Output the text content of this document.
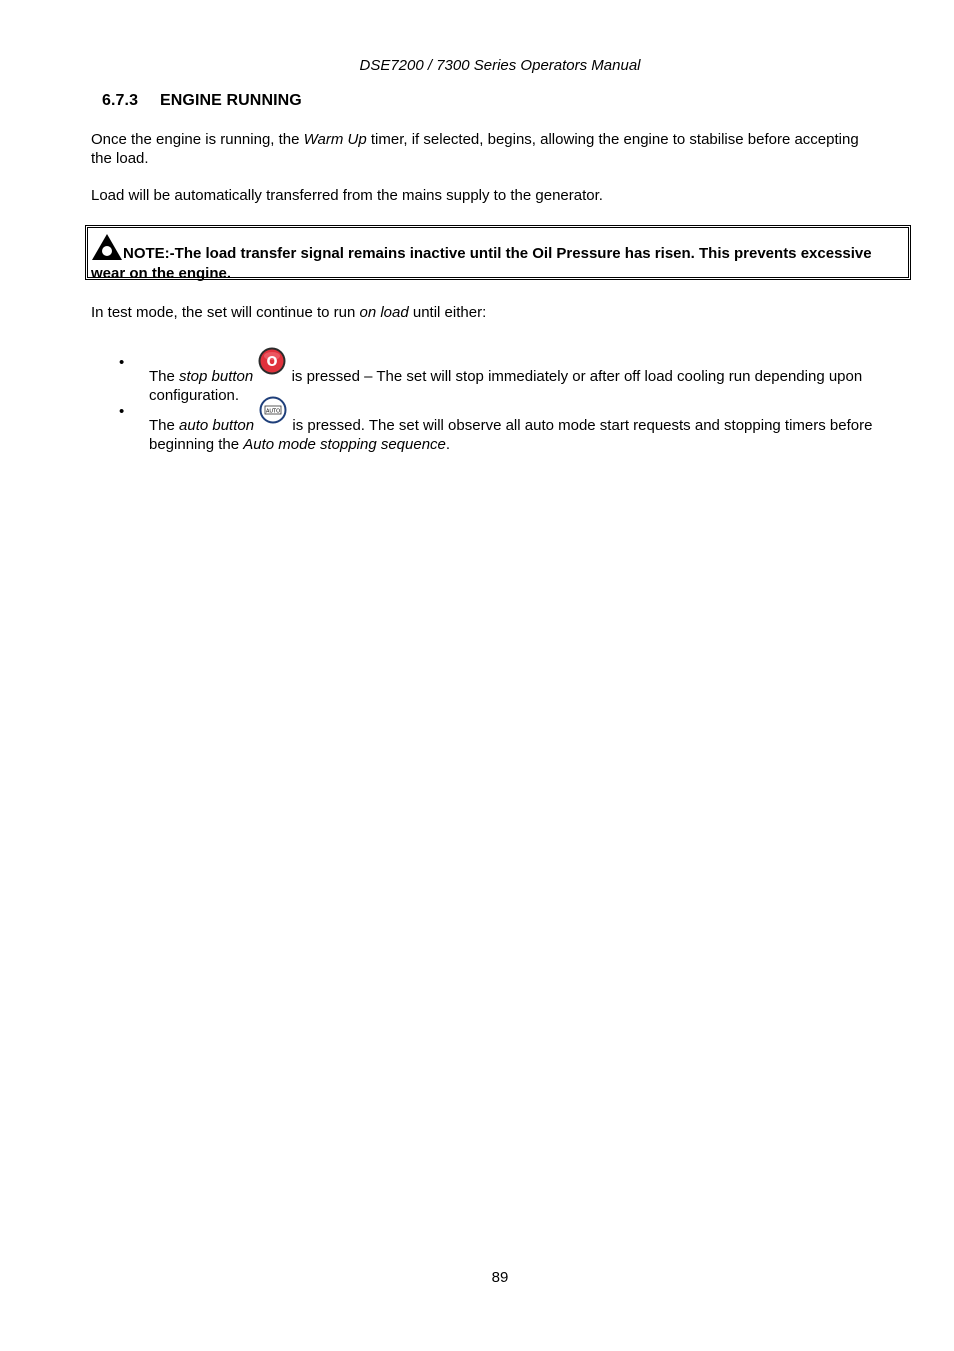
DSE7200 / 7300 Series Operators Manual
6.7.3 ENGINE RUNNING
Once the engine is running, the Warm Up timer, if selected, begins, allowing the engine to stabilise before accepting the load.
Load will be automatically transferred from the mains supply to the generator.
NOTE:-The load transfer signal remains inactive until the Oil Pressure has risen. This prevents excessive wear on the engine.
In test mode, the set will continue to run on load until either:
•
The stop button
O
is pressed – The set will stop immediately or after off load cooling run depending upon configuration.
•
The auto button
AUTO
is pressed. The set will observe all auto mode start requests and stopping timers before beginning the Auto mode stopping sequence.
89
